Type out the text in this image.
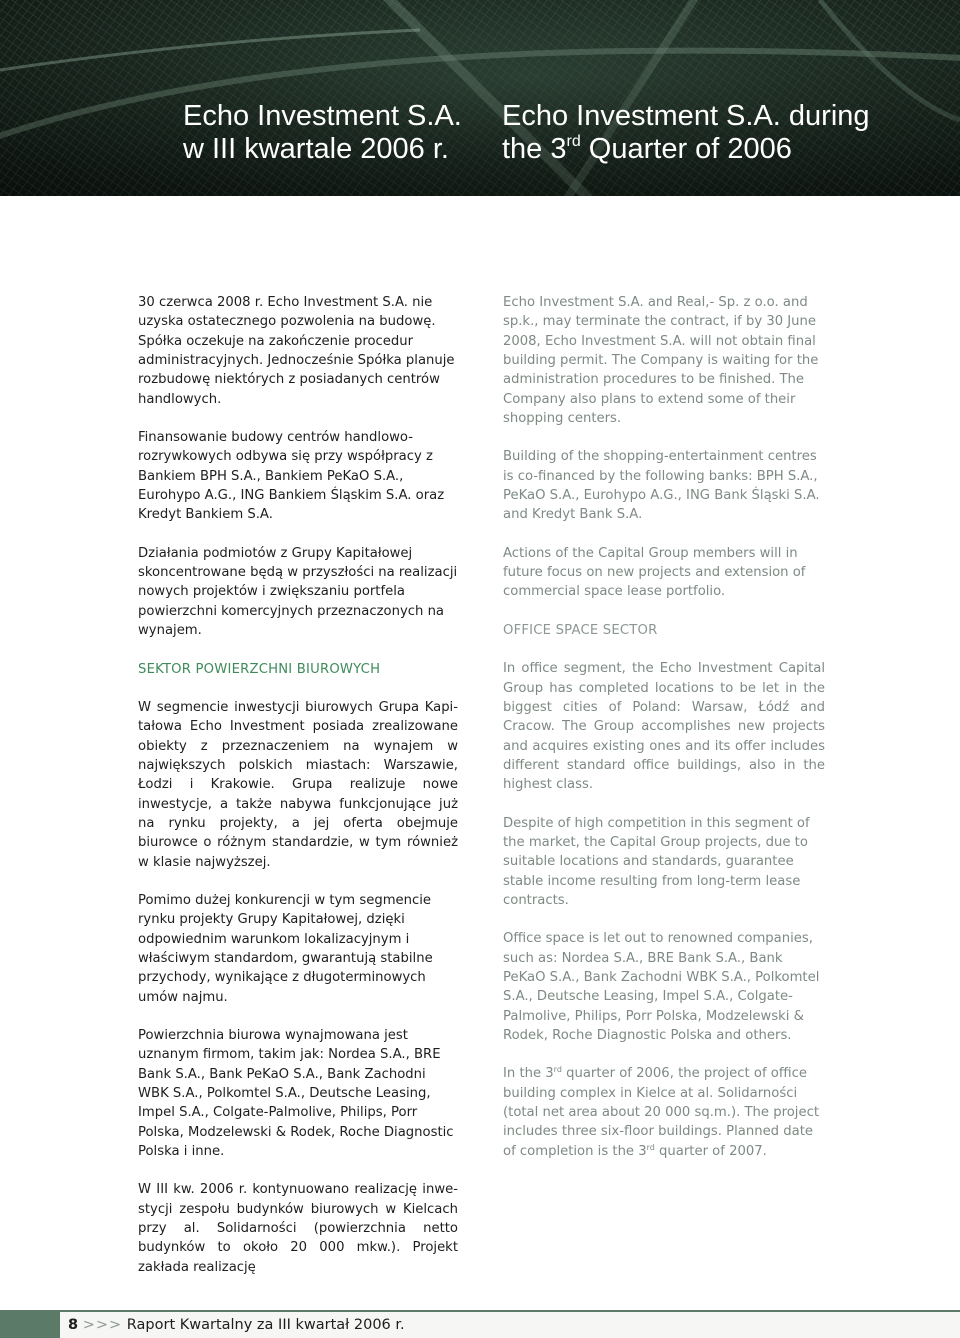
Echo Investment S.A.
w III kwartale 2006 r.
Echo Investment S.A. during
the 3rd Quarter of 2006

30 czerwca 2008 r. Echo Investment S.A. nie uzyska ostatecznego pozwolenia na budowę. Spółka oczekuje na zakończenie procedur administracyjnych. Jednocześnie Spółka planuje rozbudowę niektórych z posiadanych centrów handlowych.

Finansowanie budowy centrów handlowo-rozrywkowych odbywa się przy współpracy z Bankiem BPH S.A., Bankiem PeKaO S.A., Eurohypo A.G., ING Bankiem Śląskim S.A. oraz Kredyt Bankiem S.A.

Działania podmiotów z Grupy Kapitałowej skoncentrowane będą w przyszłości na realizacji nowych projektów i zwiększaniu portfela powierzchni komercyjnych przeznaczonych na wynajem.

SEKTOR POWIERZCHNI BIUROWYCH

W segmencie inwestycji biurowych Grupa Kapitałowa Echo Investment posiada zrealizowane obiekty z przeznaczeniem na wynajem w największych polskich miastach: Warszawie, Łodzi i Krakowie. Grupa realizuje nowe inwestycje, a także nabywa funkcjonujące już na rynku projekty, a jej oferta obejmuje biurowce o różnym standardzie, w tym również w klasie najwyższej.

Pomimo dużej konkurencji w tym segmencie rynku projekty Grupy Kapitałowej, dzięki odpowiednim warunkom lokalizacyjnym i właściwym standardom, gwarantują stabilne przychody, wynikające z długoterminowych umów najmu.

Powierzchnia biurowa wynajmowana jest uznanym firmom, takim jak: Nordea S.A., BRE Bank S.A., Bank PeKaO S.A., Bank Zachodni WBK S.A., Polkomtel S.A., Deutsche Leasing, Impel S.A., Colgate-Palmolive, Philips, Porr Polska, Modzelewski & Rodek, Roche Diagnostic Polska i inne.

W III kw. 2006 r. kontynuowano realizację inwestycji zespołu budynków biurowych w Kielcach przy al. Solidarności (powierzchnia netto budynków to około 20 000 mkw.). Projekt zakłada realizację

Echo Investment S.A. and Real,- Sp. z o.o. and sp.k., may terminate the contract, if by 30 June 2008, Echo Investment S.A. will not obtain final building permit. The Company is waiting for the administration procedures to be finished. The Company also plans to extend some of their shopping centers.

Building of the shopping-entertainment centres is co-financed by the following banks: BPH S.A., PeKaO S.A., Eurohypo A.G., ING Bank Śląski S.A. and Kredyt Bank S.A.

Actions of the Capital Group members will in future focus on new projects and extension of commercial space lease portfolio.

OFFICE SPACE SECTOR

In office segment, the Echo Investment Capital Group has completed locations to be let in the biggest cities of Poland: Warsaw, Łódź and Cracow. The Group accomplishes new projects and acquires existing ones and its offer includes different standard office buildings, also in the highest class.

Despite of high competition in this segment of the market, the Capital Group projects, due to suitable locations and standards, guarantee stable income resulting from long-term lease contracts.

Office space is let out to renowned companies, such as: Nordea S.A., BRE Bank S.A., Bank PeKaO S.A., Bank Zachodni WBK S.A., Polkomtel S.A., Deutsche Leasing, Impel S.A., Colgate-Palmolive, Philips, Porr Polska, Modzelewski & Rodek, Roche Diagnostic Polska and others.

In the 3rd quarter of 2006, the project of office building complex in Kielce at al. Solidarności (total net area about 20 000 sq.m.). The project includes three six-floor buildings. Planned date of completion is the 3rd quarter of 2007.

8 >>> Raport Kwartalny za III kwartał 2006 r.
